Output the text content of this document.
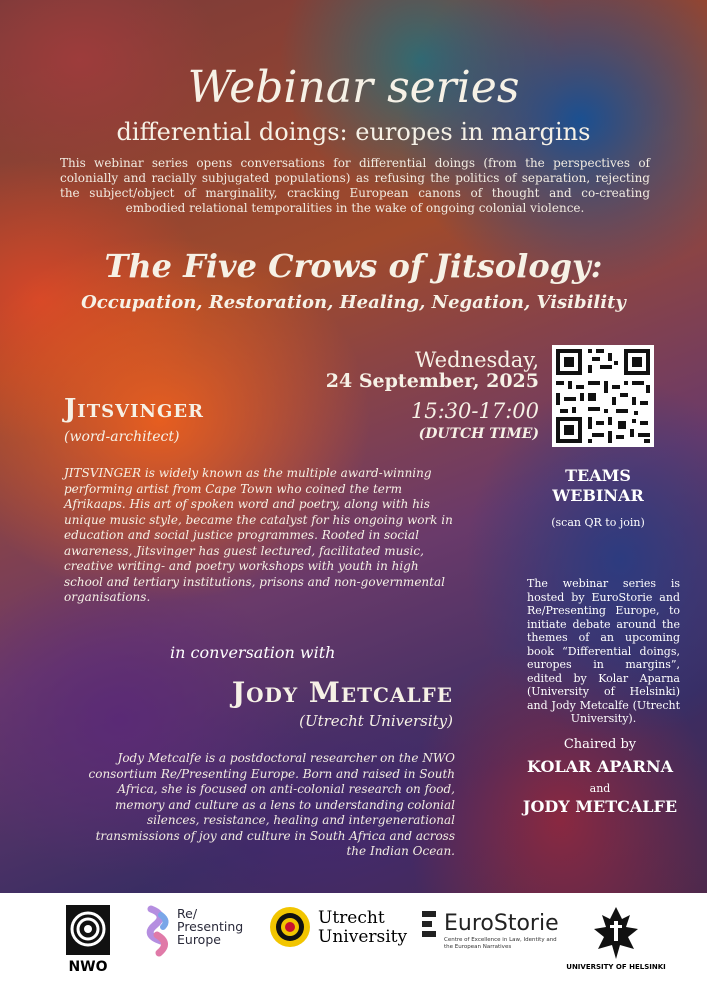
Webinar series
differential doings: europes in margins
This webinar series opens conversations for differential doings (from the perspectives of colonially and racially subjugated populations) as refusing the politics of separation, rejecting the subject/object of marginality, cracking European canons of thought and co-creating embodied relational temporalities in the wake of ongoing colonial violence.
The Five Crows of Jitsology:
Occupation, Restoration, Healing, Negation, Visibility
Wednesday,
24 September, 2025
15:30-17:00
(DUTCH TIME)
TEAMS
WEBINAR
(scan QR to join)
Jitsvinger
(word-architect)
JITSVINGER is widely known as the multiple award-winning performing artist from Cape Town who coined the term Afrikaaps. His art of spoken word and poetry, along with his unique music style, became the catalyst for his ongoing work in education and social justice programmes. Rooted in social awareness, Jitsvinger has guest lectured, facilitated music, creative writing- and poetry workshops with youth in high school and tertiary institutions, prisons and non-governmental organisations.
in conversation with
Jody Metcalfe
(Utrecht University)
Jody Metcalfe is a postdoctoral researcher on the NWO consortium Re/Presenting Europe. Born and raised in South Africa, she is focused on anti-colonial research on food, memory and culture as a lens to understanding colonial silences, resistance, healing and intergenerational transmissions of joy and culture in South Africa and across the Indian Ocean.
The webinar series is hosted by EuroStorie and Re/Presenting Europe, to initiate debate around the themes of an upcoming book “Differential doings, europes in margins”, edited by Kolar Aparna (University of Helsinki) and Jody Metcalfe (Utrecht University).
Chaired by
KOLAR APARNA
and
JODY METCALFE
NWO
Re/
Presenting
Europe
Utrecht
University
EuroStorie
Centre of Excellence in Law, Identity and the European Narratives
UNIVERSITY OF HELSINKI
